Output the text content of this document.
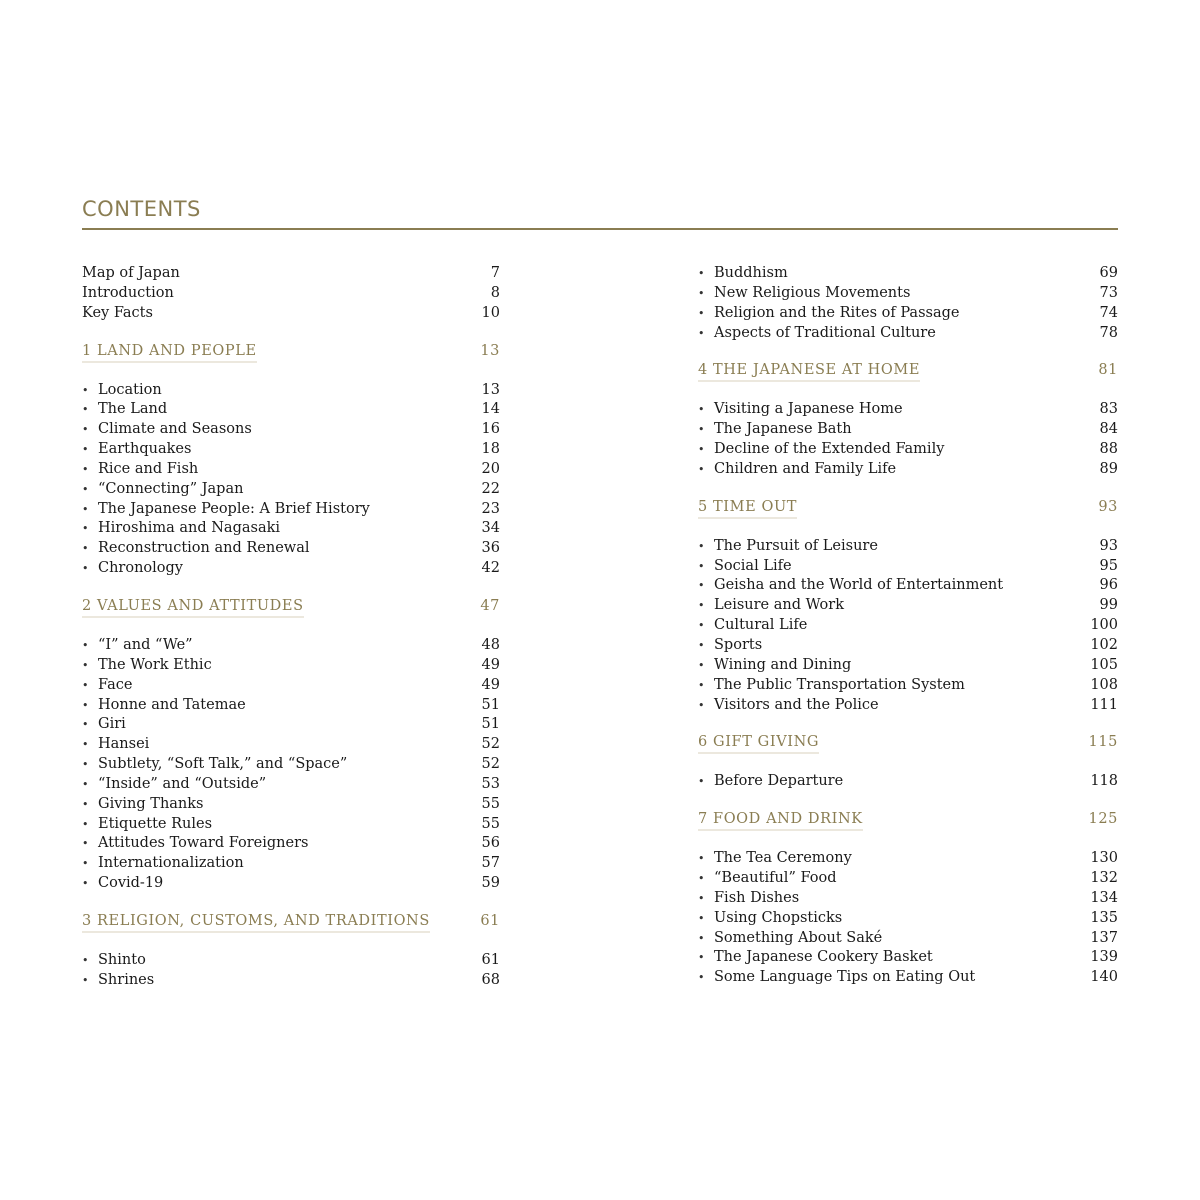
CONTENTS
Map of Japan	7
Introduction	8
Key Facts	10
1 LAND AND PEOPLE	13
• Location	13
• The Land	14
• Climate and Seasons	16
• Earthquakes	18
• Rice and Fish	20
• “Connecting” Japan	22
• The Japanese People: A Brief History	23
• Hiroshima and Nagasaki	34
• Reconstruction and Renewal	36
• Chronology	42
2 VALUES AND ATTITUDES	47
• “I” and “We”	48
• The Work Ethic	49
• Face	49
• Honne and Tatemae	51
• Giri	51
• Hansei	52
• Subtlety, “Soft Talk,” and “Space”	52
• “Inside” and “Outside”	53
• Giving Thanks	55
• Etiquette Rules	55
• Attitudes Toward Foreigners	56
• Internationalization	57
• Covid-19	59
3 RELIGION, CUSTOMS, AND TRADITIONS	61
• Shinto	61
• Shrines	68
• Buddhism	69
• New Religious Movements	73
• Religion and the Rites of Passage	74
• Aspects of Traditional Culture	78
4 THE JAPANESE AT HOME	81
• Visiting a Japanese Home	83
• The Japanese Bath	84
• Decline of the Extended Family	88
• Children and Family Life	89
5 TIME OUT	93
• The Pursuit of Leisure	93
• Social Life	95
• Geisha and the World of Entertainment	96
• Leisure and Work	99
• Cultural Life	100
• Sports	102
• Wining and Dining	105
• The Public Transportation System	108
• Visitors and the Police	111
6 GIFT GIVING	115
• Before Departure	118
7 FOOD AND DRINK	125
• The Tea Ceremony	130
• “Beautiful” Food	132
• Fish Dishes	134
• Using Chopsticks	135
• Something About Saké	137
• The Japanese Cookery Basket	139
• Some Language Tips on Eating Out	140
